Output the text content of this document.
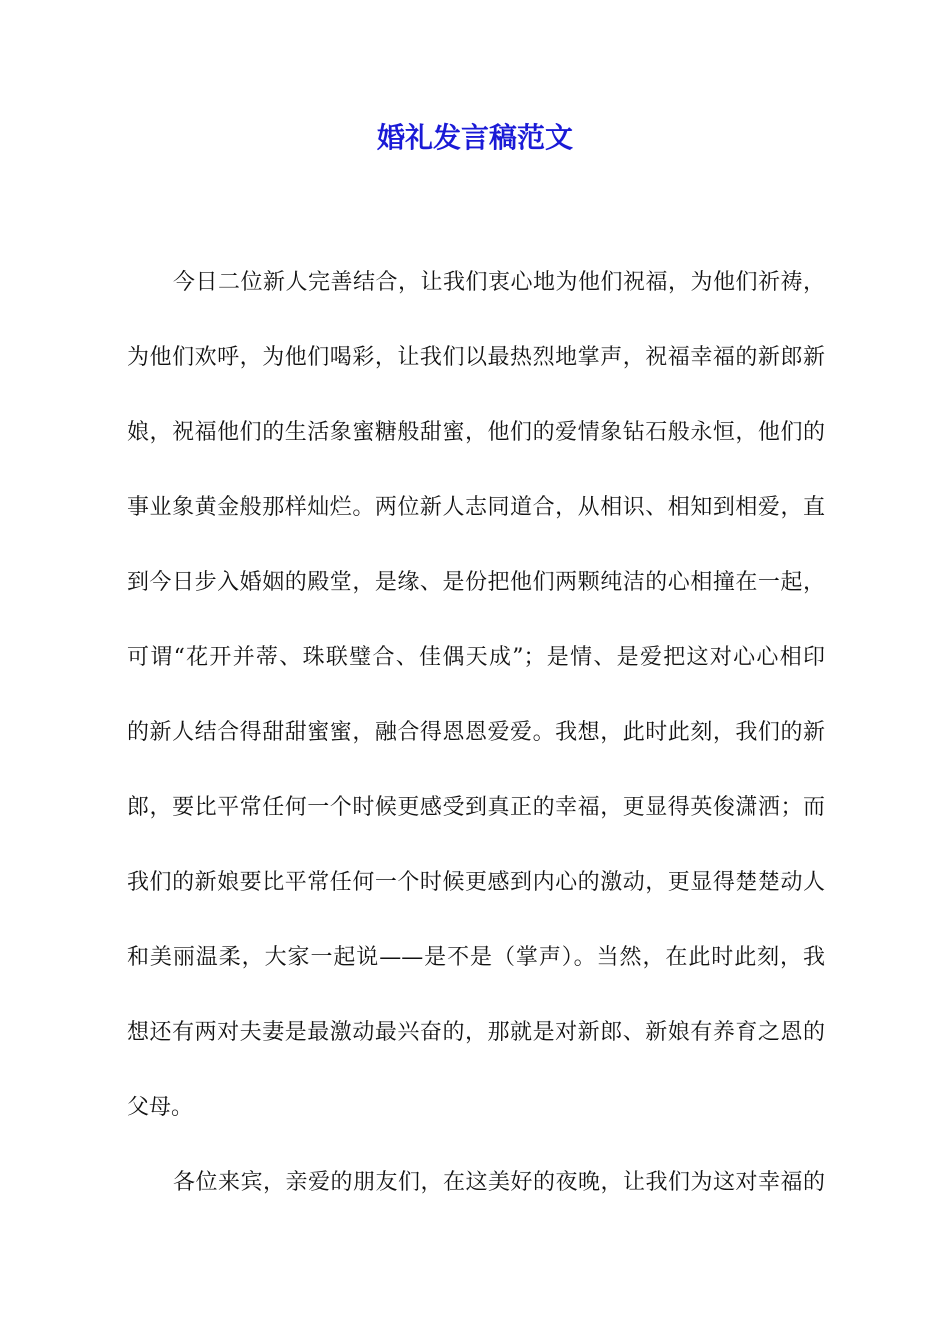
婚礼发言稿范文
今日二位新人完善结合，让我们衷心地为他们祝福，为他们祈祷，
为他们欢呼，为他们喝彩，让我们以最热烈地掌声，祝福幸福的新郎新
娘，祝福他们的生活象蜜糖般甜蜜，他们的爱情象钻石般永恒，他们的
事业象黄金般那样灿烂。两位新人志同道合，从相识、相知到相爱，直
到今日步入婚姻的殿堂，是缘、是份把他们两颗纯洁的心相撞在一起，
可谓“花开并蒂、珠联璧合、佳偶天成”；是情、是爱把这对心心相印
的新人结合得甜甜蜜蜜，融合得恩恩爱爱。我想，此时此刻，我们的新
郎，要比平常任何一个时候更感受到真正的幸福，更显得英俊潇洒；而
我们的新娘要比平常任何一个时候更感到内心的激动，更显得楚楚动人
和美丽温柔，大家一起说——是不是（掌声）。当然，在此时此刻，我
想还有两对夫妻是最激动最兴奋的，那就是对新郎、新娘有养育之恩的
父母。
各位来宾，亲爱的朋友们，在这美好的夜晚，让我们为这对幸福的
